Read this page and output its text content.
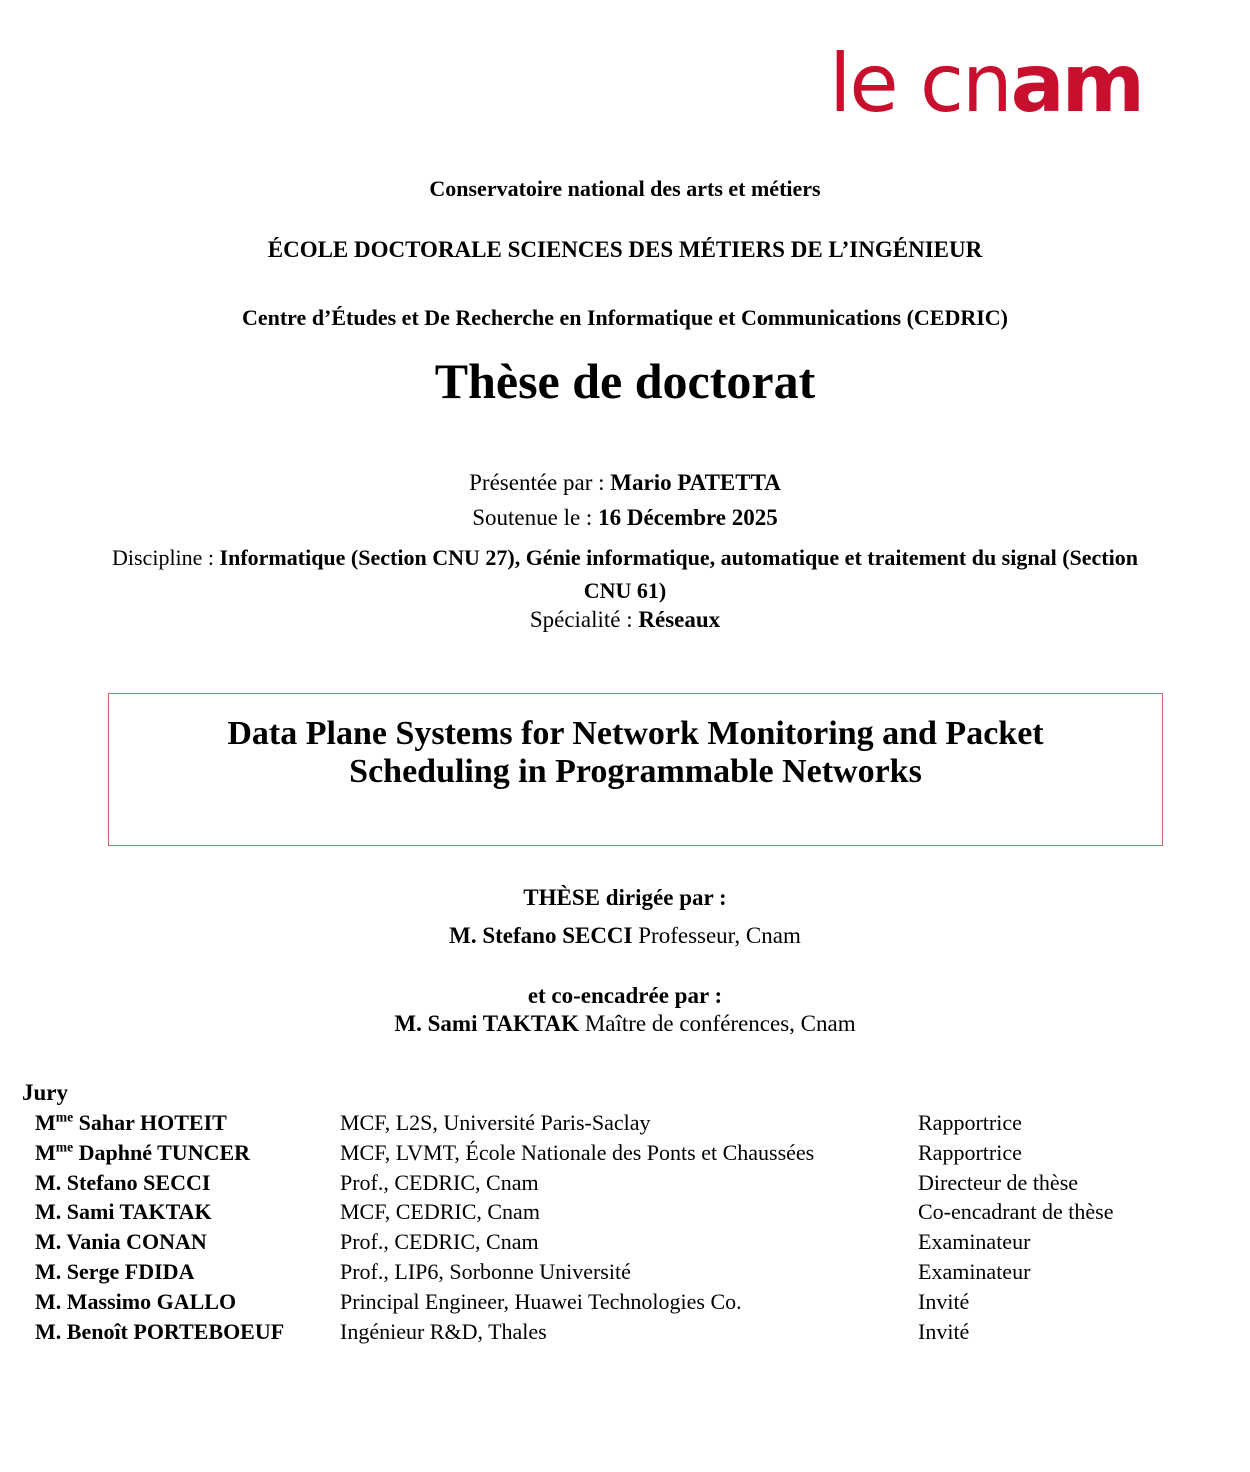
le cnam
Conservatoire national des arts et métiers
ÉCOLE DOCTORALE SCIENCES DES MÉTIERS DE L’INGÉNIEUR
Centre d’Études et De Recherche en Informatique et Communications (CEDRIC)
Thèse de doctorat
Présentée par : Mario PATETTA
Soutenue le : 16 Décembre 2025
Discipline : Informatique (Section CNU 27), Génie informatique, automatique et traitement du signal (Section
CNU 61)
Spécialité : Réseaux
Data Plane Systems for Network Monitoring and Packet
Scheduling in Programmable Networks
THÈSE dirigée par :
M. Stefano SECCI Professeur, Cnam
et co-encadrée par :
M. Sami TAKTAK Maître de conférences, Cnam
Jury
$M^{me}$ Sahar HOTEIT	MCF, L2S, Université Paris-Saclay	Rapportrice
$M^{me}$ Daphné TUNCER	MCF, LVMT, École Nationale des Ponts et Chaussées	Rapportrice
M. Stefano SECCI	Prof., CEDRIC, Cnam	Directeur de thèse
M. Sami TAKTAK	MCF, CEDRIC, Cnam	Co-encadrant de thèse
M. Vania CONAN	Prof., CEDRIC, Cnam	Examinateur
M. Serge FDIDA	Prof., LIP6, Sorbonne Université	Examinateur
M. Massimo GALLO	Principal Engineer, Huawei Technologies Co.	Invité
M. Benoît PORTEBOEUF	Ingénieur R&D, Thales	Invité
